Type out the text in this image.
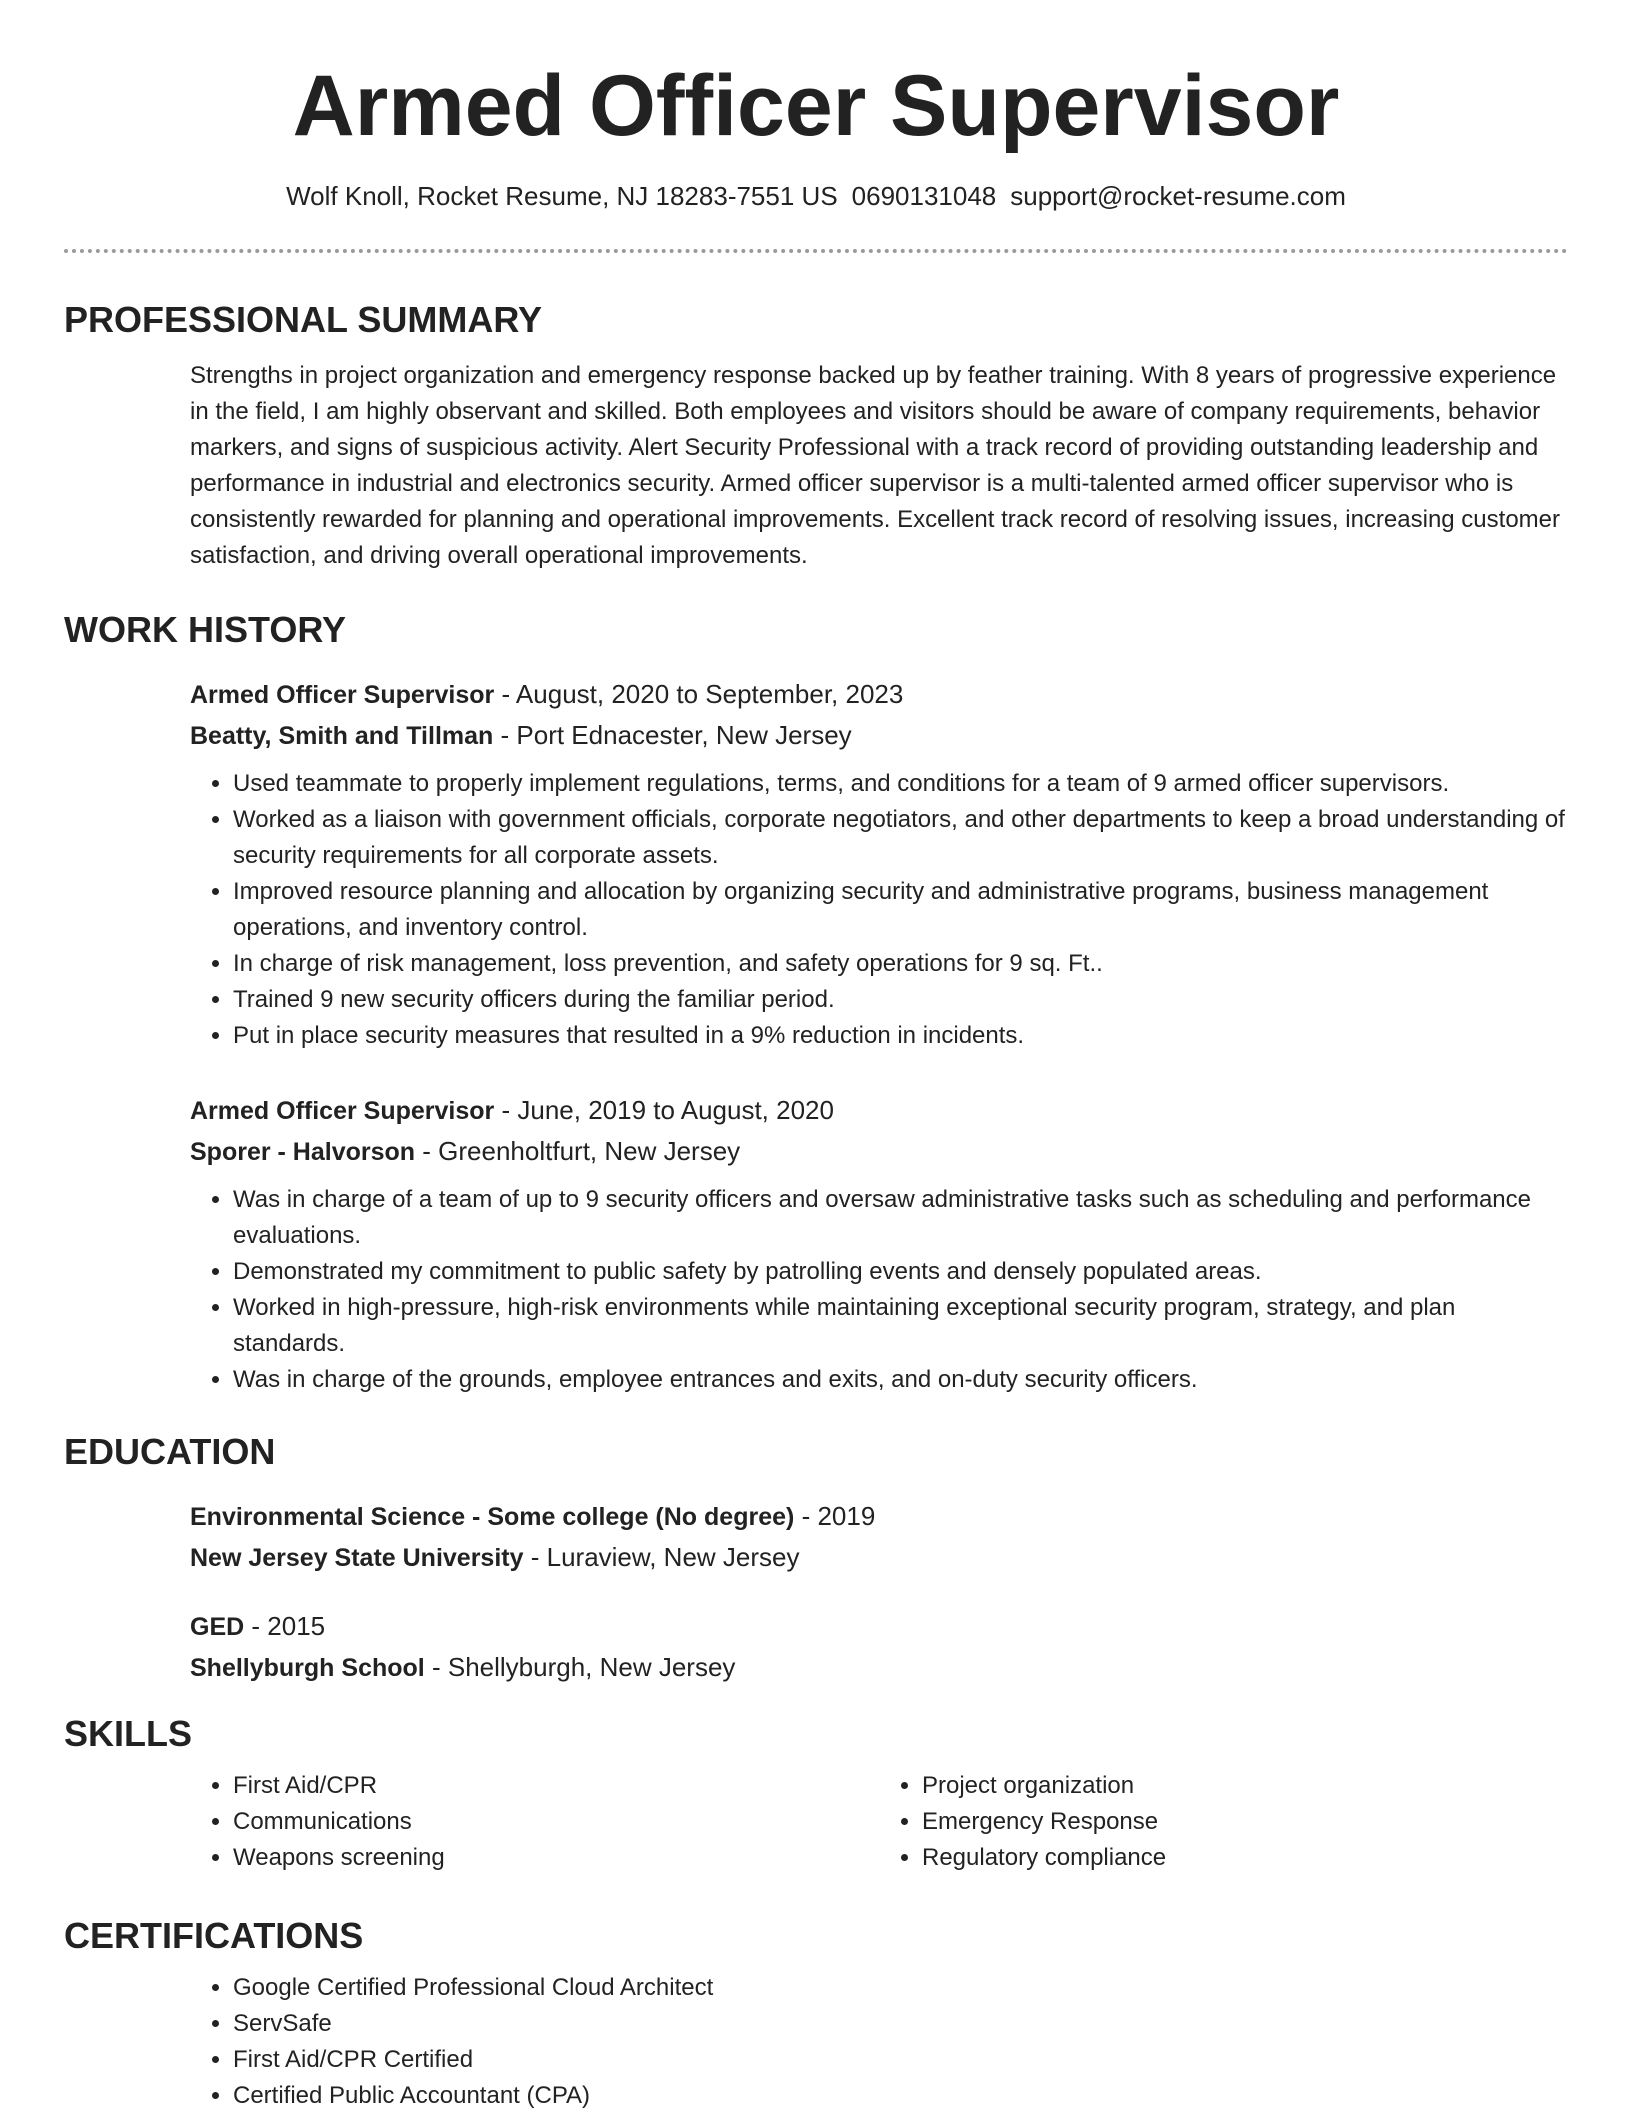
Armed Officer Supervisor
Wolf Knoll, Rocket Resume, NJ 18283-7551 US 0690131048 support@rocket-resume.com
PROFESSIONAL SUMMARY
Strengths in project organization and emergency response backed up by feather training. With 8 years of progressive experience in the field, I am highly observant and skilled. Both employees and visitors should be aware of company requirements, behavior markers, and signs of suspicious activity. Alert Security Professional with a track record of providing outstanding leadership and performance in industrial and electronics security. Armed officer supervisor is a multi-talented armed officer supervisor who is consistently rewarded for planning and operational improvements. Excellent track record of resolving issues, increasing customer satisfaction, and driving overall operational improvements.
WORK HISTORY
Armed Officer Supervisor - August, 2020 to September, 2023
Beatty, Smith and Tillman - Port Ednacester, New Jersey
• Used teammate to properly implement regulations, terms, and conditions for a team of 9 armed officer supervisors.
• Worked as a liaison with government officials, corporate negotiators, and other departments to keep a broad understanding of security requirements for all corporate assets.
• Improved resource planning and allocation by organizing security and administrative programs, business management operations, and inventory control.
• In charge of risk management, loss prevention, and safety operations for 9 sq. Ft..
• Trained 9 new security officers during the familiar period.
• Put in place security measures that resulted in a 9% reduction in incidents.
Armed Officer Supervisor - June, 2019 to August, 2020
Sporer - Halvorson - Greenholtfurt, New Jersey
• Was in charge of a team of up to 9 security officers and oversaw administrative tasks such as scheduling and performance evaluations.
• Demonstrated my commitment to public safety by patrolling events and densely populated areas.
• Worked in high-pressure, high-risk environments while maintaining exceptional security program, strategy, and plan standards.
• Was in charge of the grounds, employee entrances and exits, and on-duty security officers.
EDUCATION
Environmental Science - Some college (No degree) - 2019
New Jersey State University - Luraview, New Jersey
GED - 2015
Shellyburgh School - Shellyburgh, New Jersey
SKILLS
• First Aid/CPR
• Communications
• Weapons screening
• Project organization
• Emergency Response
• Regulatory compliance
CERTIFICATIONS
• Google Certified Professional Cloud Architect
• ServSafe
• First Aid/CPR Certified
• Certified Public Accountant (CPA)
